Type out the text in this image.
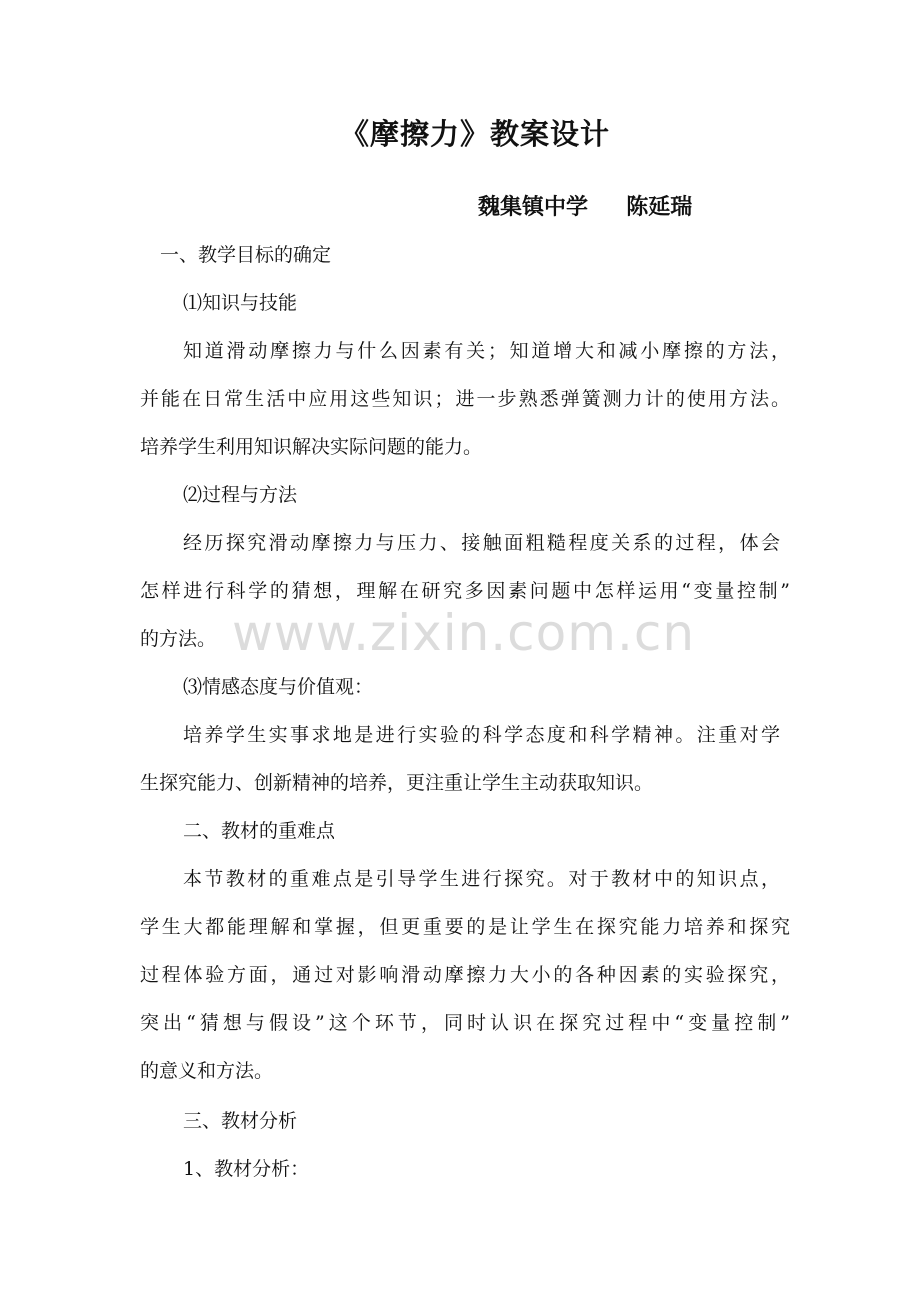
《摩擦力》教案设计
魏集镇中学     陈延瑞
www.zixin.com.cn
一、教学目标的确定
⑴知识与技能
知道滑动摩擦力与什么因素有关；知道增大和减小摩擦的方法，
并能在日常生活中应用这些知识；进一步熟悉弹簧测力计的使用方法。
培养学生利用知识解决实际问题的能力。
⑵过程与方法
经历探究滑动摩擦力与压力、接触面粗糙程度关系的过程，体会
怎样进行科学的猜想，理解在研究多因素问题中怎样运用“变量控制”
的方法。
⑶情感态度与价值观：
培养学生实事求地是进行实验的科学态度和科学精神。注重对学
生探究能力、创新精神的培养，更注重让学生主动获取知识。
二、教材的重难点
本节教材的重难点是引导学生进行探究。对于教材中的知识点，
学生大都能理解和掌握，但更重要的是让学生在探究能力培养和探究
过程体验方面，通过对影响滑动摩擦力大小的各种因素的实验探究，
突出“猜想与假设”这个环节，同时认识在探究过程中“变量控制”
的意义和方法。
三、教材分析
1、教材分析：
